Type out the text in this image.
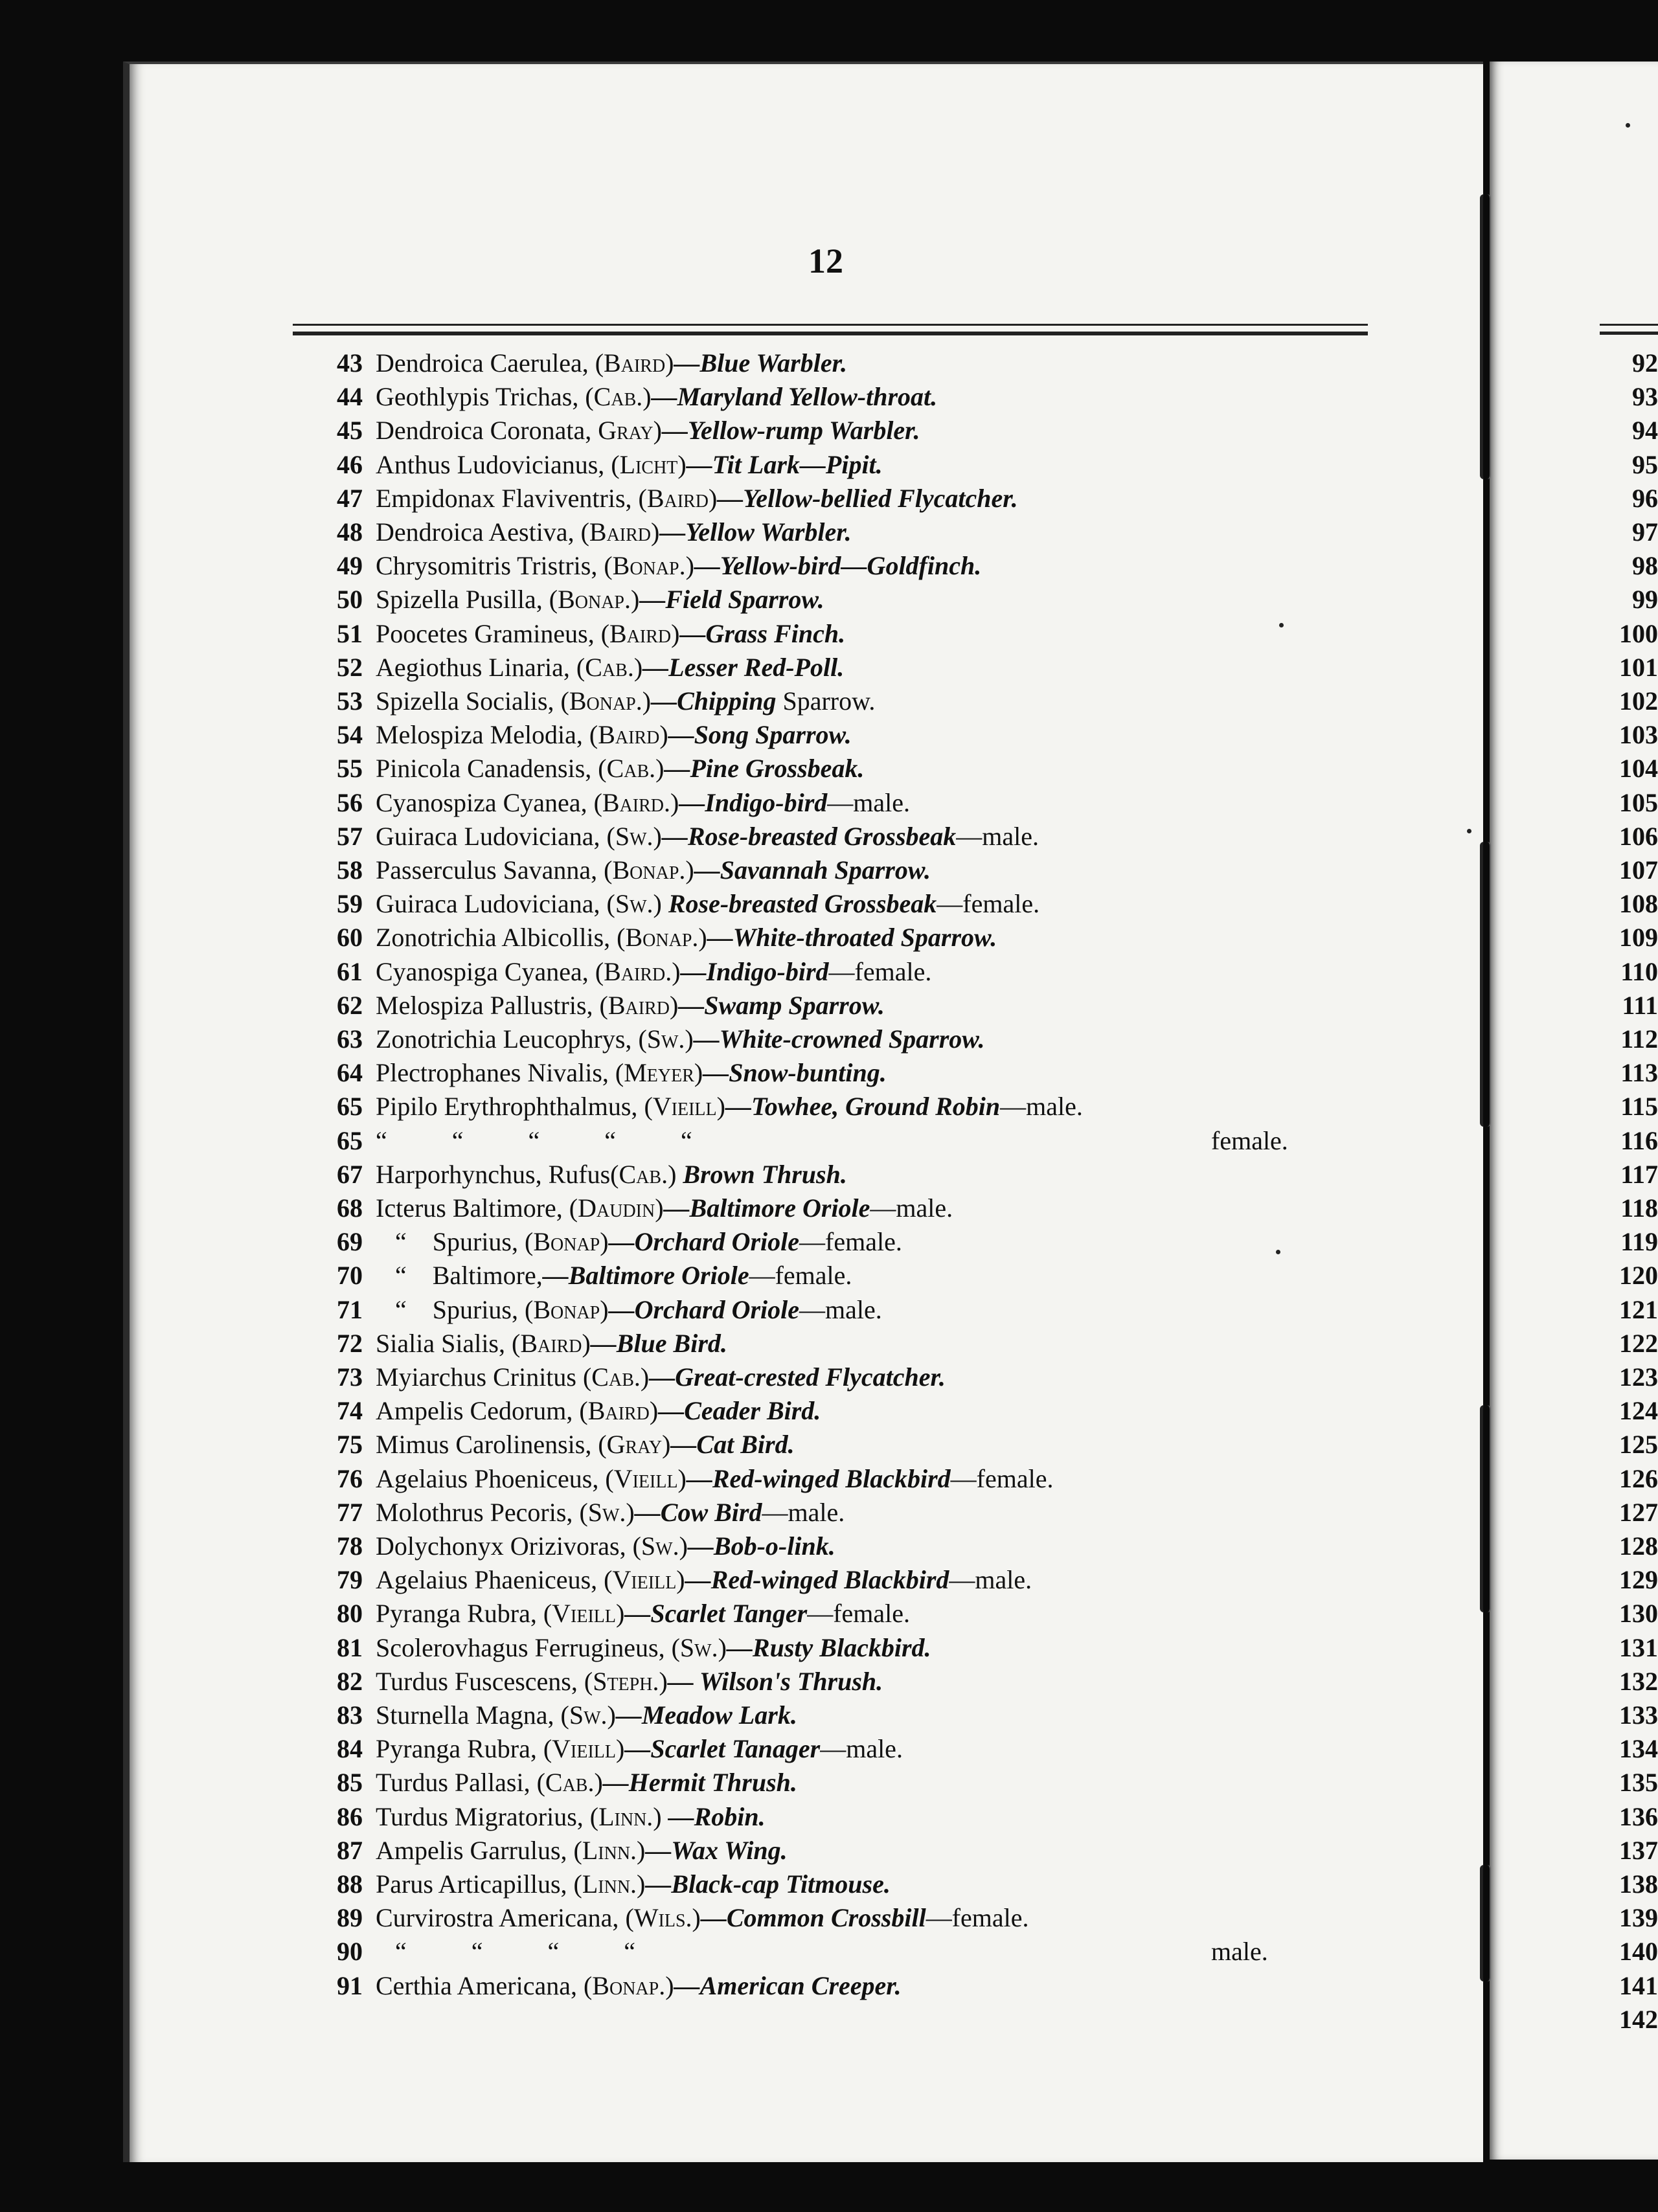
12
43 Dendroica Caerulea, (Baird)—Blue Warbler.
44 Geothlypis Trichas, (Cab.)—Maryland Yellow-throat.
45 Dendroica Coronata, Gray)—Yellow-rump Warbler.
46 Anthus Ludovicianus, (Licht)—Tit Lark—Pipit.
47 Empidonax Flaviventris, (Baird)—Yellow-bellied Flycatcher.
48 Dendroica Aestiva, (Baird)—Yellow Warbler.
49 Chrysomitris Tristris, (Bonap.)—Yellow-bird—Goldfinch.
50 Spizella Pusilla, (Bonap.)—Field Sparrow.
51 Poocetes Gramineus, (Baird)—Grass Finch.
52 Aegiothus Linaria, (Cab.)—Lesser Red-Poll.
53 Spizella Socialis, (Bonap.)—Chipping Sparrow.
54 Melospiza Melodia, (Baird)—Song Sparrow.
55 Pinicola Canadensis, (Cab.)—Pine Grossbeak.
56 Cyanospiza Cyanea, (Baird.)—Indigo-bird—male.
57 Guiraca Ludoviciana, (Sw.)—Rose-breasted Grossbeak—male.
58 Passerculus Savanna, (Bonap.)—Savannah Sparrow.
59 Guiraca Ludoviciana, (Sw.) Rose-breasted Grossbeak—female.
60 Zonotrichia Albicollis, (Bonap.)—White-throated Sparrow.
61 Cyanospiga Cyanea, (Baird.)—Indigo-bird—female.
62 Melospiza Pallustris, (Baird)—Swamp Sparrow.
63 Zonotrichia Leucophrys, (Sw.)—White-crowned Sparrow.
64 Plectrophanes Nivalis, (Meyer)—Snow-bunting.
65 Pipilo Erythrophthalmus, (Vieill)—Towhee, Ground Robin—male.
65 “          “          “          “          “	female.
67 Harporhynchus, Rufus(Cab.) Brown Thrush.
68 Icterus Baltimore, (Daudin)—Baltimore Oriole—male.
69 “    Spurius, (Bonap)—Orchard Oriole—female.
70 “    Baltimore,—Baltimore Oriole—female.
71 “    Spurius, (Bonap)—Orchard Oriole—male.
72 Sialia Sialis, (Baird)—Blue Bird.
73 Myiarchus Crinitus (Cab.)—Great-crested Flycatcher.
74 Ampelis Cedorum, (Baird)—Ceader Bird.
75 Mimus Carolinensis, (Gray)—Cat Bird.
76 Agelaius Phoeniceus, (Vieill)—Red-winged Blackbird—female.
77 Molothrus Pecoris, (Sw.)—Cow Bird—male.
78 Dolychonyx Orizivoras, (Sw.)—Bob-o-link.
79 Agelaius Phaeniceus, (Vieill)—Red-winged Blackbird—male.
80 Pyranga Rubra, (Vieill)—Scarlet Tanger—female.
81 Scolerovhagus Ferrugineus, (Sw.)—Rusty Blackbird.
82 Turdus Fuscescens, (Steph.)— Wilson's Thrush.
83 Sturnella Magna, (Sw.)—Meadow Lark.
84 Pyranga Rubra, (Vieill)—Scarlet Tanager—male.
85 Turdus Pallasi, (Cab.)—Hermit Thrush.
86 Turdus Migratorius, (Linn.) —Robin.
87 Ampelis Garrulus, (Linn.)—Wax Wing.
88 Parus Articapillus, (Linn.)—Black-cap Titmouse.
89 Curvirostra Americana, (Wils.)—Common Crossbill—female.
90 “          “          “          “	male.
91 Certhia Americana, (Bonap.)—American Creeper.
92
93
94
95
96
97
98
99
100
101
102
103
104
105
106
107
108
109
110
111
112
113
115
116
117
118
119
120
121
122
123
124
125
126
127
128
129
130
131
132
133
134
135
136
137
138
139
140
141
142
